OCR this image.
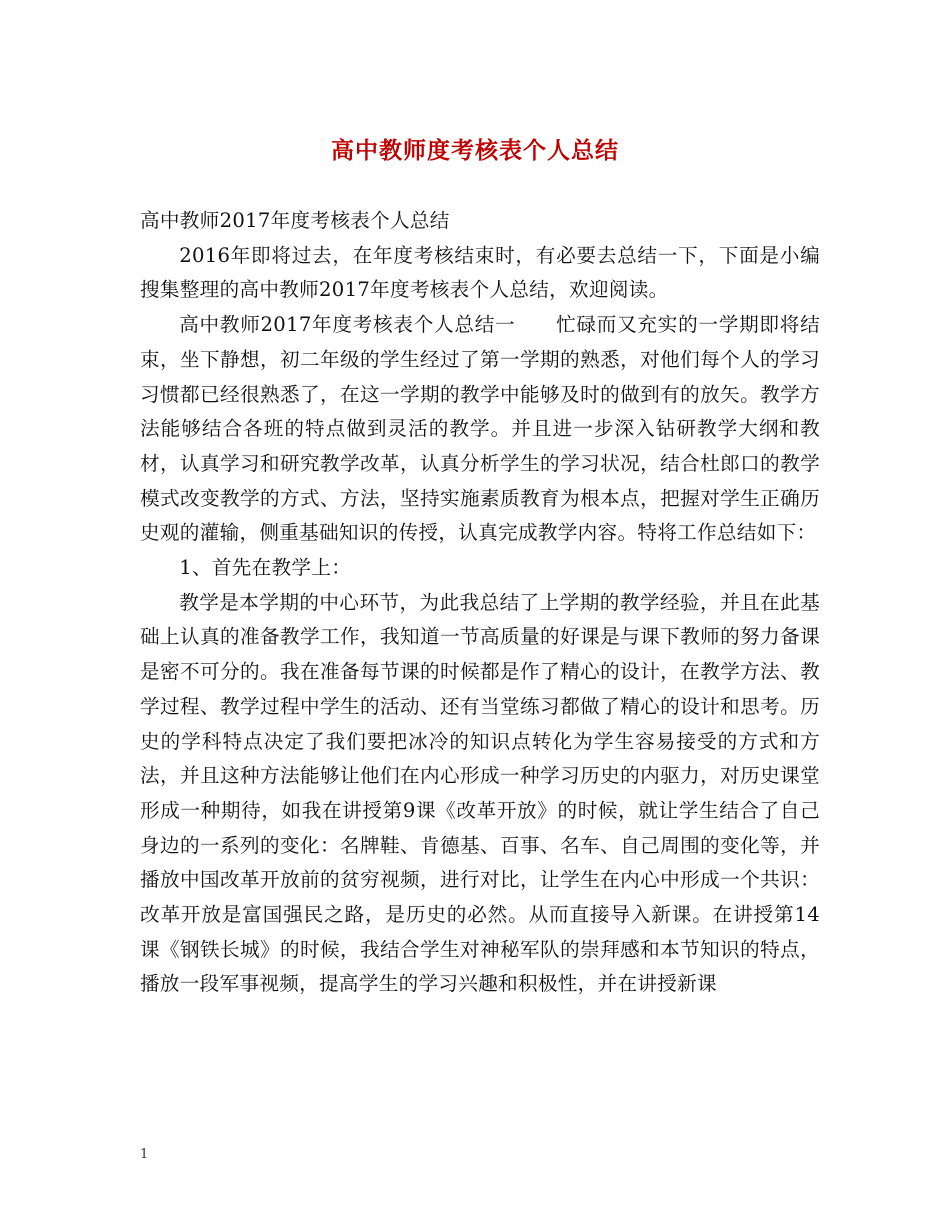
高中教师度考核表个人总结

高中教师2017年度考核表个人总结

2016年即将过去，在年度考核结束时，有必要去总结一下，下面是小编搜集整理的高中教师2017年度考核表个人总结，欢迎阅读。

高中教师2017年度考核表个人总结一　　忙碌而又充实的一学期即将结束，坐下静想，初二年级的学生经过了第一学期的熟悉，对他们每个人的学习习惯都已经很熟悉了，在这一学期的教学中能够及时的做到有的放矢。教学方法能够结合各班的特点做到灵活的教学。并且进一步深入钻研教学大纲和教材，认真学习和研究教学改革，认真分析学生的学习状况，结合杜郎口的教学模式改变教学的方式、方法，坚持实施素质教育为根本点，把握对学生正确历史观的灌输，侧重基础知识的传授，认真完成教学内容。特将工作总结如下：

1、首先在教学上：

教学是本学期的中心环节，为此我总结了上学期的教学经验，并且在此基础上认真的准备教学工作，我知道一节高质量的好课是与课下教师的努力备课是密不可分的。我在准备每节课的时候都是作了精心的设计，在教学方法、教学过程、教学过程中学生的活动、还有当堂练习都做了精心的设计和思考。历史的学科特点决定了我们要把冰冷的知识点转化为学生容易接受的方式和方法，并且这种方法能够让他们在内心形成一种学习历史的内驱力，对历史课堂形成一种期待，如我在讲授第9课《改革开放》的时候，就让学生结合了自己身边的一系列的变化：名牌鞋、肯德基、百事、名车、自己周围的变化等，并播放中国改革开放前的贫穷视频，进行对比，让学生在内心中形成一个共识：改革开放是富国强民之路，是历史的必然。从而直接导入新课。在讲授第14课《钢铁长城》的时候，我结合学生对神秘军队的崇拜感和本节知识的特点，播放一段军事视频，提高学生的学习兴趣和积极性，并在讲授新课

1
